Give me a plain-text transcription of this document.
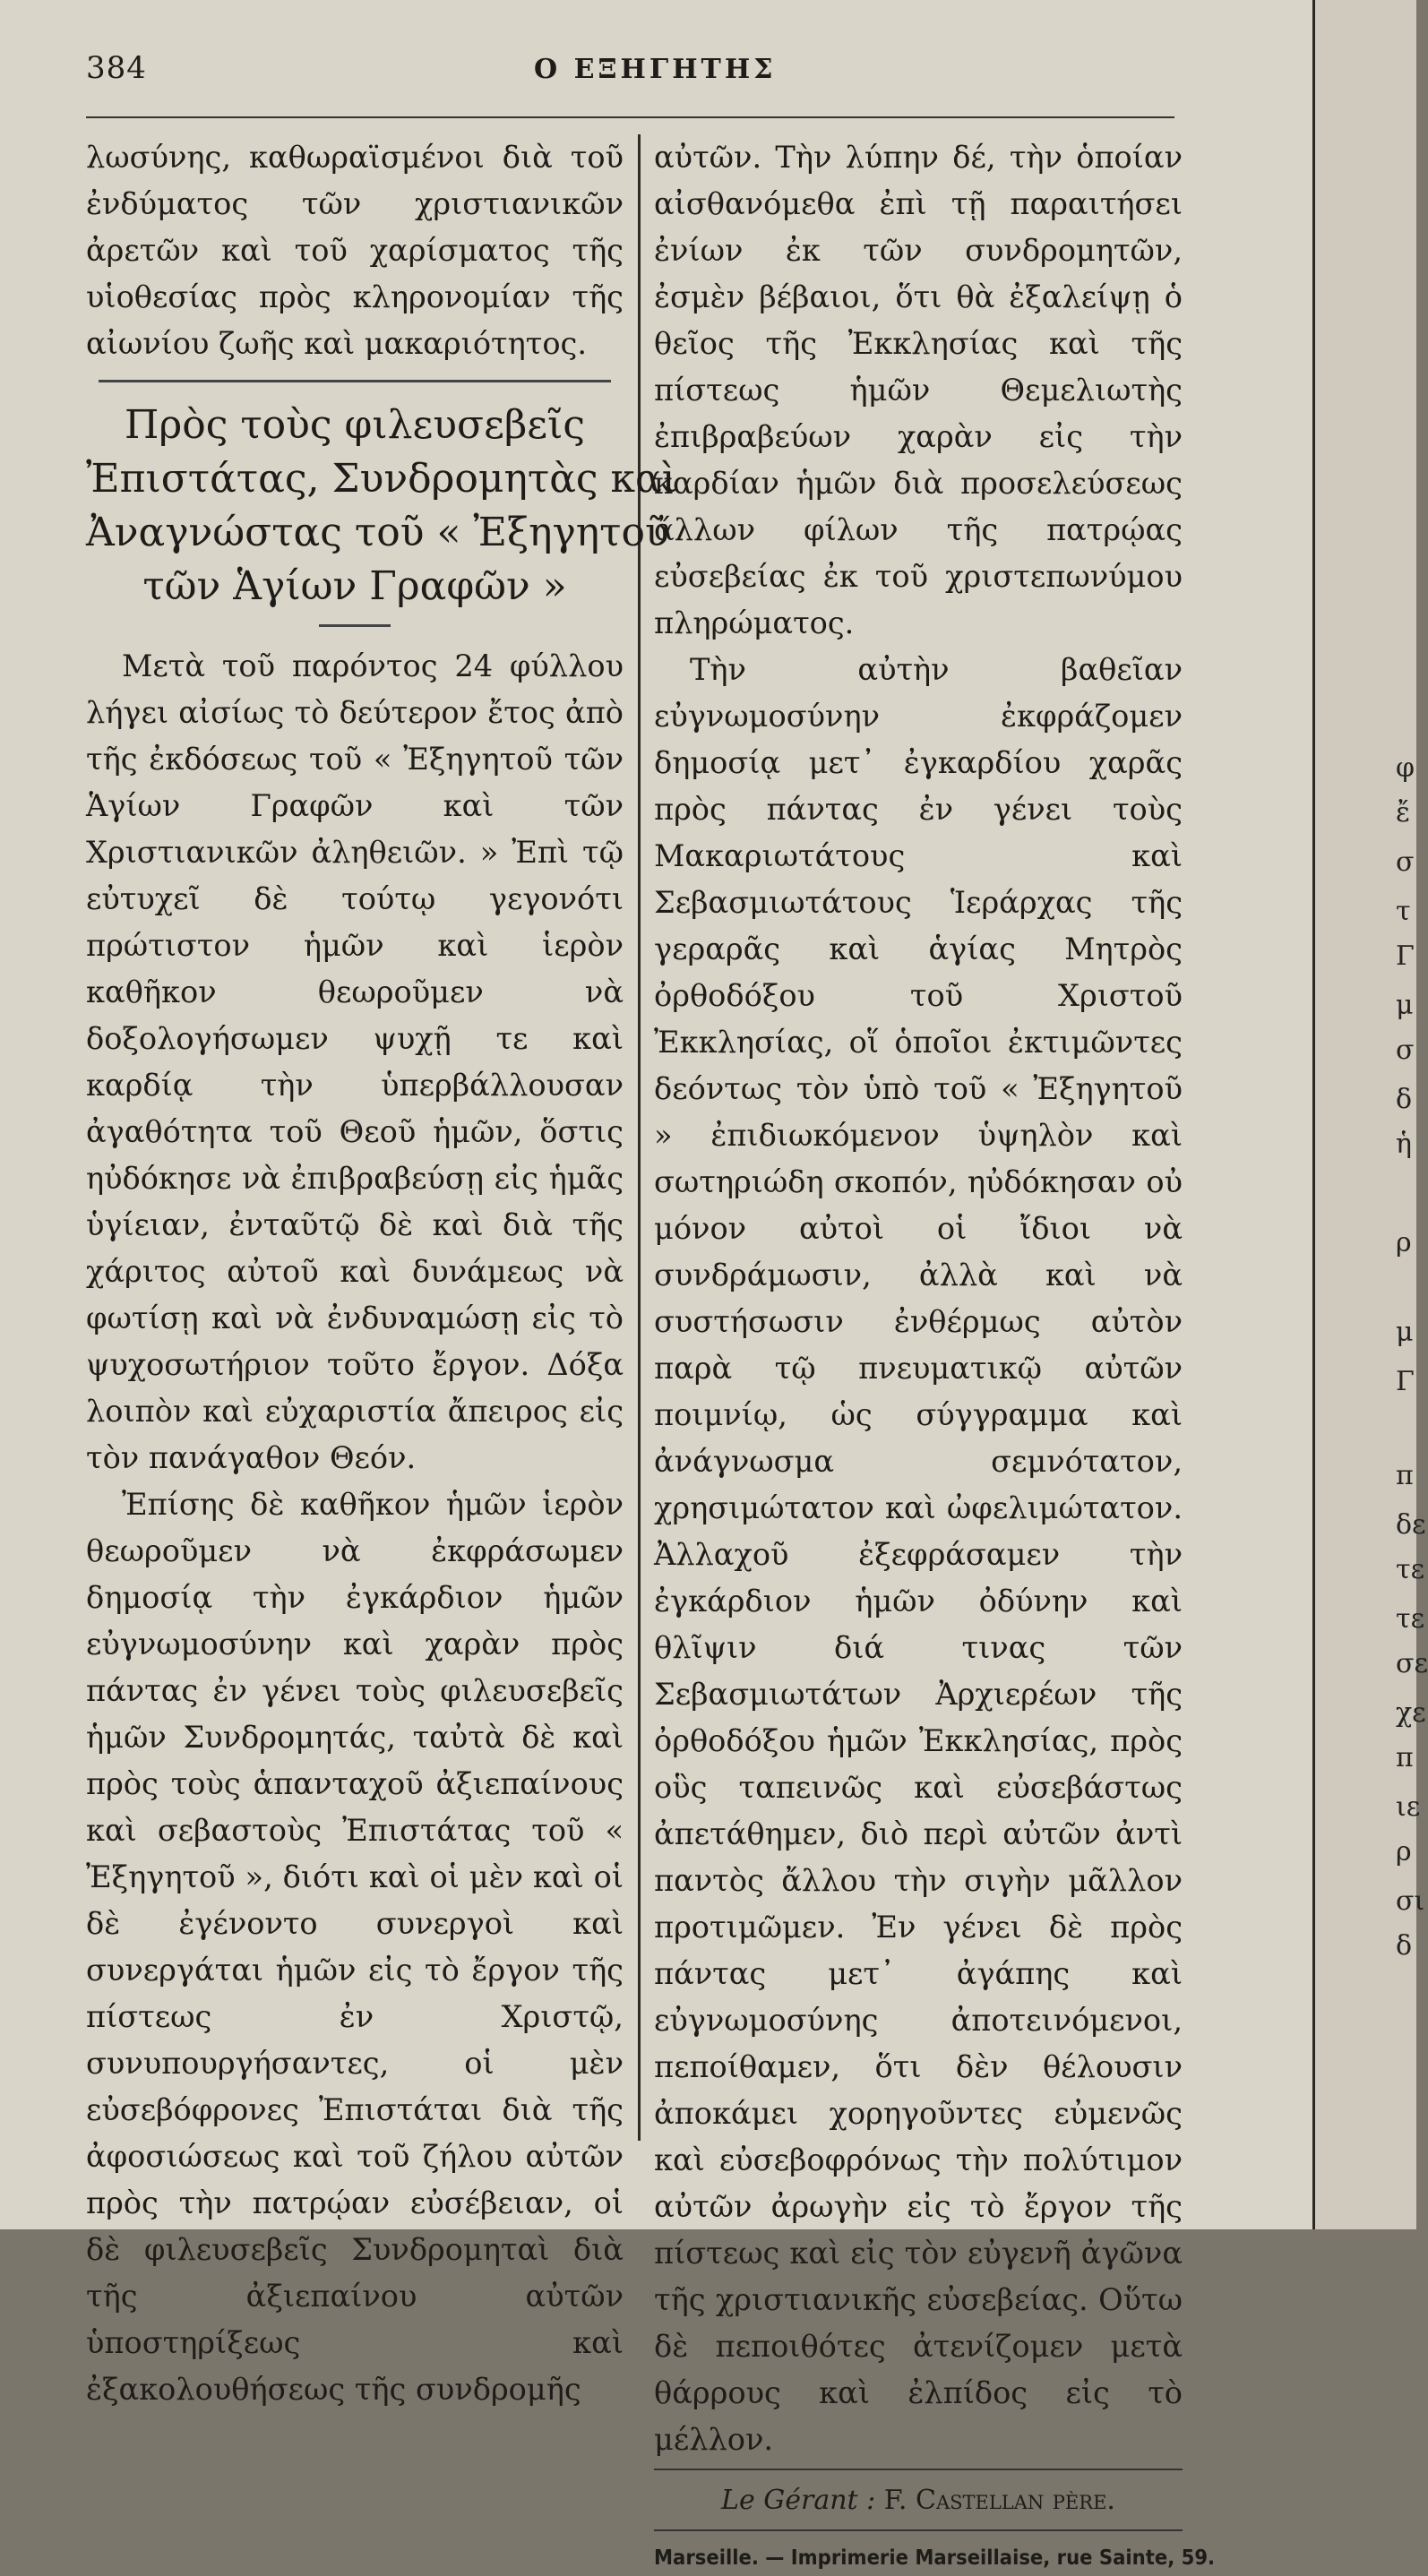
384	Ο ΕΞΗΓΗΤΗΣ

λωσύνης, καθωραϊσμένοι διὰ τοῦ ἐνδύματος τῶν χριστιανικῶν ἀρετῶν καὶ τοῦ χαρίσματος τῆς υἱοθεσίας πρὸς κληρονομίαν τῆς αἰωνίου ζωῆς καὶ μακαριότητος.

Πρὸς τοὺς φιλευσεβεῖς
Ἐπιστάτας, Συνδρομητὰς καὶ
Ἀναγνώστας τοῦ « Ἐξηγητοῦ
τῶν Ἁγίων Γραφῶν »

Μετὰ τοῦ παρόντος 24 φύλλου λήγει αἰσίως τὸ δεύτερον ἔτος ἀπὸ τῆς ἐκδόσεως τοῦ « Ἐξηγητοῦ τῶν Ἁγίων Γραφῶν καὶ τῶν Χριστιανικῶν ἀληθειῶν. » Ἐπὶ τῷ εὐτυχεῖ δὲ τούτῳ γεγονότι πρώτιστον ἡμῶν καὶ ἱερὸν καθῆκον θεωροῦμεν νὰ δοξολογήσωμεν ψυχῇ τε καὶ καρδίᾳ τὴν ὑπερβάλλουσαν ἀγαθότητα τοῦ Θεοῦ ἡμῶν, ὅστις ηὐδόκησε νὰ ἐπιβραβεύσῃ εἰς ἡμᾶς ὑγίειαν, ἐνταῦτῷ δὲ καὶ διὰ τῆς χάριτος αὐτοῦ καὶ δυνάμεως νὰ φωτίσῃ καὶ νὰ ἐνδυναμώσῃ εἰς τὸ ψυχοσωτήριον τοῦτο ἔργον. Δόξα λοιπὸν καὶ εὐχαριστία ἄπειρος εἰς τὸν πανάγαθον Θεόν.

Ἐπίσης δὲ καθῆκον ἡμῶν ἱερὸν θεωροῦμεν νὰ ἐκφράσωμεν δημοσίᾳ τὴν ἐγκάρδιον ἡμῶν εὐγνωμοσύνην καὶ χαρὰν πρὸς πάντας ἐν γένει τοὺς φιλευσεβεῖς ἡμῶν Συνδρομητάς, ταὐτὰ δὲ καὶ πρὸς τοὺς ἁπανταχοῦ ἀξιεπαίνους καὶ σεβαστοὺς Ἐπιστάτας τοῦ « Ἐξηγητοῦ », διότι καὶ οἱ μὲν καὶ οἱ δὲ ἐγένοντο συνεργοὶ καὶ συνεργάται ἡμῶν εἰς τὸ ἔργον τῆς πίστεως ἐν Χριστῷ, συνυπουργήσαντες, οἱ μὲν εὐσεβόφρονες Ἐπιστάται διὰ τῆς ἀφοσιώσεως καὶ τοῦ ζήλου αὐτῶν πρὸς τὴν πατρῴαν εὐσέβειαν, οἱ δὲ φιλευσεβεῖς Συνδρομηταὶ διὰ τῆς ἀξιεπαίνου αὐτῶν ὑποστηρίξεως καὶ ἐξακολουθήσεως τῆς συνδρομῆς

αὐτῶν. Τὴν λύπην δέ, τὴν ὁποίαν αἰσθανόμεθα ἐπὶ τῇ παραιτήσει ἐνίων ἐκ τῶν συνδρομητῶν, ἐσμὲν βέβαιοι, ὅτι θὰ ἐξαλείψῃ ὁ θεῖος τῆς Ἐκκλησίας καὶ τῆς πίστεως ἡμῶν Θεμελιωτὴς ἐπιβραβεύων χαρὰν εἰς τὴν καρδίαν ἡμῶν διὰ προσελεύσεως ἄλλων φίλων τῆς πατρῴας εὐσεβείας ἐκ τοῦ χριστεπωνύμου πληρώματος.

Τὴν αὐτὴν βαθεῖαν εὐγνωμοσύνην ἐκφράζομεν δημοσίᾳ μετ᾽ ἐγκαρδίου χαρᾶς πρὸς πάντας ἐν γένει τοὺς Μακαριωτάτους καὶ Σεβασμιωτάτους Ἱεράρχας τῆς γεραρᾶς καὶ ἁγίας Μητρὸς ὀρθοδόξου τοῦ Χριστοῦ Ἐκκλησίας, οἵ ὁποῖοι ἐκτιμῶντες δεόντως τὸν ὑπὸ τοῦ « Ἐξηγητοῦ » ἐπιδιωκόμενον ὑψηλὸν καὶ σωτηριώδη σκοπόν, ηὐδόκησαν οὐ μόνον αὐτοὶ οἱ ἴδιοι νὰ συνδράμωσιν, ἀλλὰ καὶ νὰ συστήσωσιν ἐνθέρμως αὐτὸν παρὰ τῷ πνευματικῷ αὐτῶν ποιμνίῳ, ὡς σύγγραμμα καὶ ἀνάγνωσμα σεμνότατον, χρησιμώτατον καὶ ὠφελιμώτατον. Ἀλλαχοῦ ἐξεφράσαμεν τὴν ἐγκάρδιον ἡμῶν ὀδύνην καὶ θλῖψιν διά τινας τῶν Σεβασμιωτάτων Ἀρχιερέων τῆς ὀρθοδόξου ἡμῶν Ἐκκλησίας, πρὸς οὓς ταπεινῶς καὶ εὐσεβάστως ἀπετάθημεν, διὸ περὶ αὐτῶν ἀντὶ παντὸς ἄλλου τὴν σιγὴν μᾶλλον προτιμῶμεν. Ἐν γένει δὲ πρὸς πάντας μετ᾽ ἀγάπης καὶ εὐγνωμοσύνης ἀποτεινόμενοι, πεποίθαμεν, ὅτι δὲν θέλουσιν ἀποκάμει χορηγοῦντες εὐμενῶς καὶ εὐσεβοφρόνως τὴν πολύτιμον αὐτῶν ἀρωγὴν εἰς τὸ ἔργον τῆς πίστεως καὶ εἰς τὸν εὐγενῆ ἀγῶνα τῆς χριστιανικῆς εὐσεβείας. Οὕτω δὲ πεποιθότες ἀτενίζομεν μετὰ θάρρους καὶ ἐλπίδος εἰς τὸ μέλλον.

Le Gérant : F. Castellan père.
Marseille. — Imprimerie Marseillaise, rue Sainte, 59.
φ
ἔ
σ
τ
Γ
μ
σ
δ
ἡ
ρ
μ
Γ
π
δε
τε
τε
σε
χε
π
ιε
ρ
σι
δ
